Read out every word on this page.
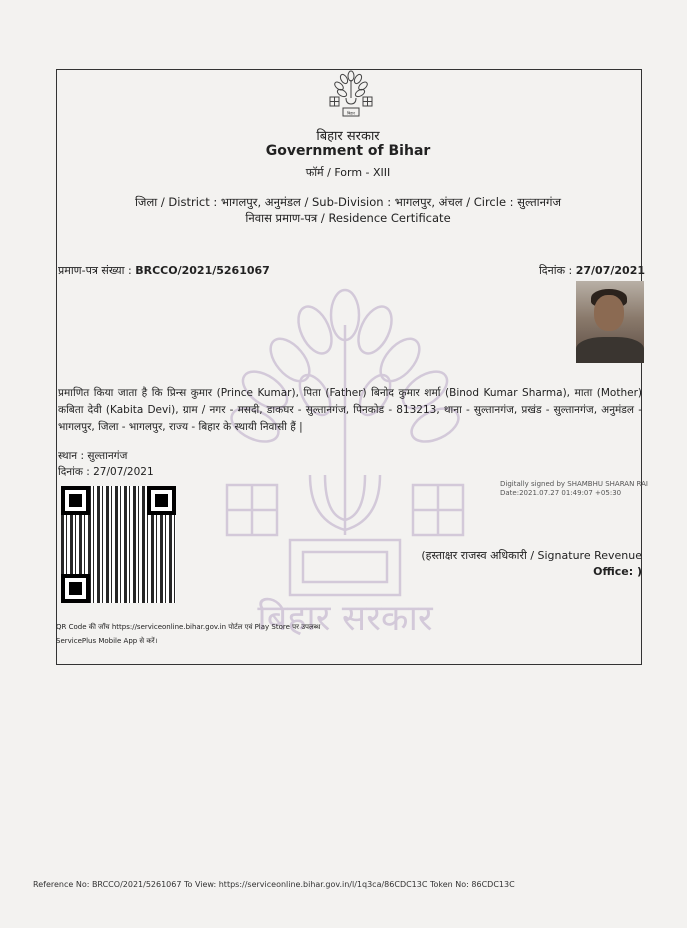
बिहार
बिहार सरकार
बिहार सरकार
Government of Bihar
फॉर्म / Form - XIII
जिला / District : भागलपुर, अनुमंडल / Sub-Division : भागलपुर, अंचल / Circle : सुल्तानगंज
निवास प्रमाण-पत्र / Residence Certificate
प्रमाण-पत्र संख्या : BRCCO/2021/5261067	दिनांक : 27/07/2021
प्रमाणित किया जाता है कि प्रिन्स कुमार (Prince Kumar), पिता (Father) बिनोद कुमार शर्मा (Binod Kumar Sharma), माता (Mother) कबिता देवी (Kabita Devi), ग्राम / नगर - मसदी, डाकघर - सुल्तानगंज, पिनकोड - 813213, थाना - सुल्तानगंज, प्रखंड - सुल्तानगंज, अनुमंडल - भागलपुर, जिला - भागलपुर, राज्य - बिहार के स्थायी निवासी हैं |
स्थान : सुल्तानगंज
दिनांक : 27/07/2021
Digitally signed by SHAMBHU SHARAN RAI
Date:2021.07.27 01:49:07 +05:30
(हस्ताक्षर राजस्व अधिकारी / Signature Revenue
Office: )
QR Code की जाँच https://serviceonline.bihar.gov.in पोर्टल एवं Play Store पर उपलब्ध
ServicePlus Mobile App से करें।
Reference No: BRCCO/2021/5261067 To View: https://serviceonline.bihar.gov.in/l/1q3ca/86CDC13C Token No: 86CDC13C
